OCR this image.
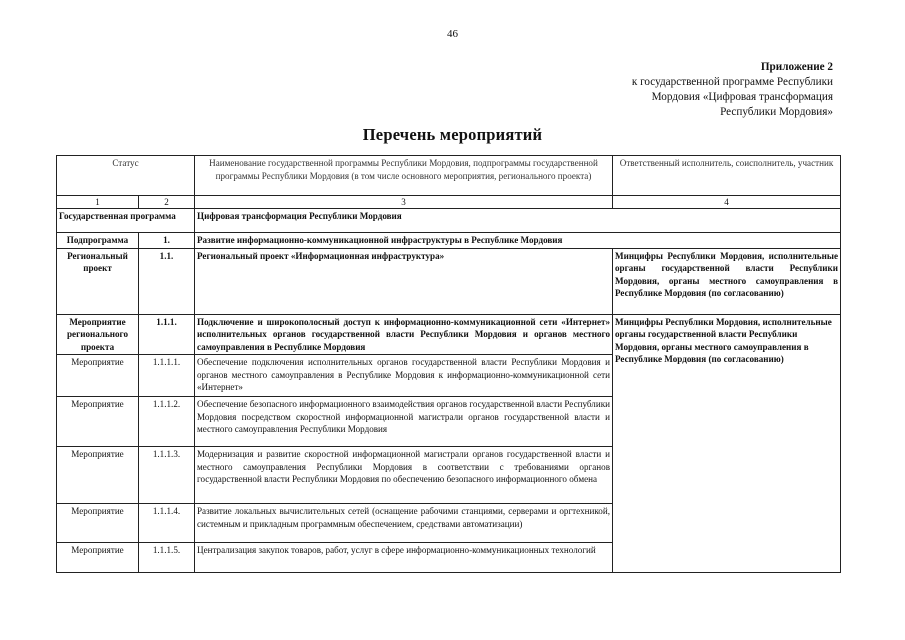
46
Приложение 2
к государственной программе Республики
Мордовия «Цифровая трансформация
Республики Мордовия»
Перечень мероприятий
Статус		Наименование государственной программы Республики Мордовия, подпрограммы государственной программы Республики Мордовия (в том числе основного мероприятия, регионального проекта)	Ответственный исполнитель, соисполнитель, участник
1	2	3	4
Государственная программа		Цифровая трансформация Республики Мордовия	
Подпрограмма	1.	Развитие информационно-коммуникационной инфраструктуры в Республике Мордовия	
Региональный проект	1.1.	Региональный проект «Информационная инфраструктура»	Минцифры Республики Мордовия, исполнительные органы государственной власти Республики Мордовия, органы местного самоуправления в Республике Мордовия (по согласованию)
Мероприятие регионального проекта	1.1.1.	Подключение и широкополосный доступ к информационно-коммуникационной сети «Интернет» исполнительных органов государственной власти Республики Мордовия и органов местного самоуправления в Республике Мордовия	Минцифры Республики Мордовия, исполнительные органы государственной власти Республики Мордовия, органы местного самоуправления в Республике Мордовия (по согласованию)
Мероприятие	1.1.1.1.	Обеспечение подключения исполнительных органов государственной власти Республики Мордовия и органов местного самоуправления в Республике Мордовия к информационно-коммуникационной сети «Интернет»	
Мероприятие	1.1.1.2.	Обеспечение безопасного информационного взаимодействия органов государственной власти Республики Мордовия посредством скоростной информационной магистрали органов государственной власти и местного самоуправления Республики Мордовия	
Мероприятие	1.1.1.3.	Модернизация и развитие скоростной информационной магистрали органов государственной власти и местного самоуправления Республики Мордовия в соответствии с требованиями органов государственной власти Республики Мордовия по обеспечению безопасного информационного обмена	
Мероприятие	1.1.1.4.	Развитие локальных вычислительных сетей (оснащение рабочими станциями, серверами и оргтехникой, системным и прикладным программным обеспечением, средствами автоматизации)	
Мероприятие	1.1.1.5.	Централизация закупок товаров, работ, услуг в сфере информационно-коммуникационных технологий	
